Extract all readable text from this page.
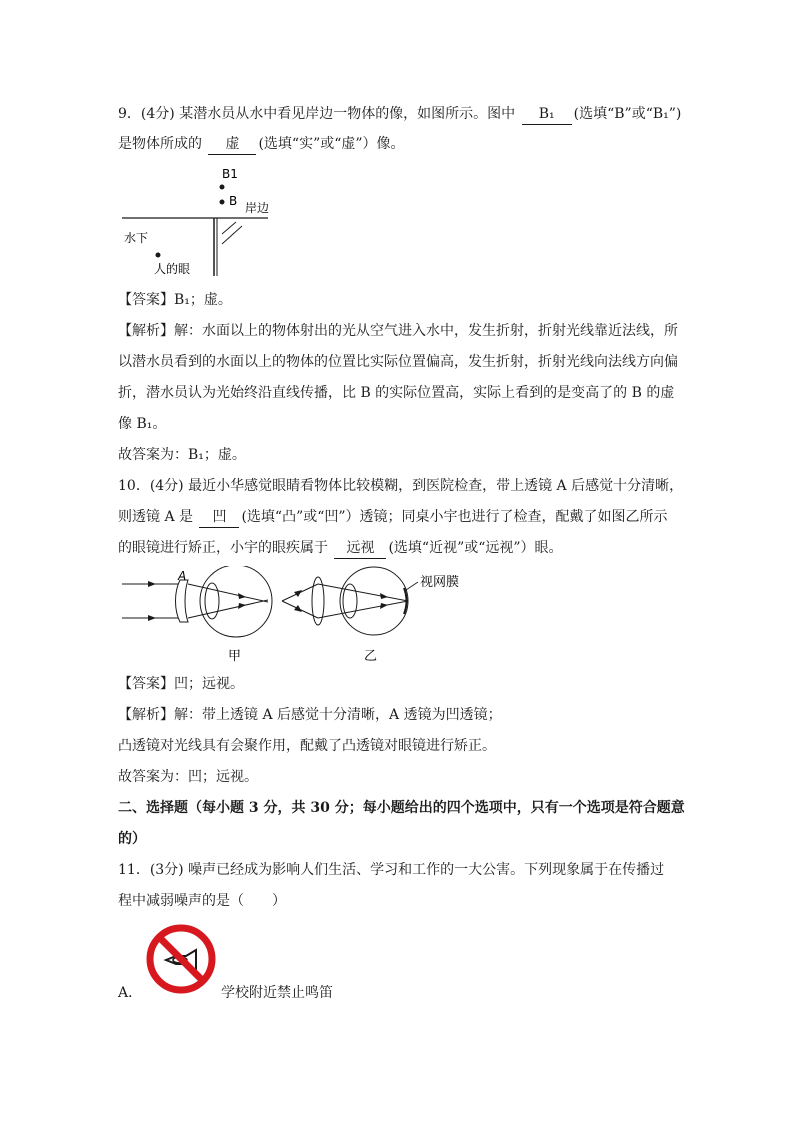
9．(4分) 某潜水员从水中看见岸边一物体的像，如图所示。图中 B₁ (选填“B”或“B₁”)
是物体所成的 虚 (选填“实”或“虚”）像。
B1
B 岸边
水下
人的眼
【答案】B₁；虚。
【解析】解：水面以上的物体射出的光从空气进入水中，发生折射，折射光线靠近法线，所
以潜水员看到的水面以上的物体的位置比实际位置偏高，发生折射，折射光线向法线方向偏
折，潜水员认为光始终沿直线传播，比 B 的实际位置高，实际上看到的是变高了的 B 的虚
像 B₁。
故答案为：B₁；虚。
10．(4分) 最近小华感觉眼睛看物体比较模糊，到医院检查，带上透镜 A 后感觉十分清晰，
则透镜 A 是 凹 (选填“凸”或“凹”）透镜；同桌小宇也进行了检查，配戴了如图乙所示
的眼镜进行矫正，小宇的眼疾属于 远视 (选填“近视”或“远视”）眼。
A
甲
视网膜
乙
【答案】凹；远视。
【解析】解：带上透镜 A 后感觉十分清晰，A 透镜为凹透镜；
凸透镜对光线具有会聚作用，配戴了凸透镜对眼镜进行矫正。
故答案为：凹；远视。
二、选择题（每小题 3 分，共 30 分；每小题给出的四个选项中，只有一个选项是符合题意
的）
11．(3分) 噪声已经成为影响人们生活、学习和工作的一大公害。下列现象属于在传播过
程中减弱噪声的是（　　）
A．	学校附近禁止鸣笛
